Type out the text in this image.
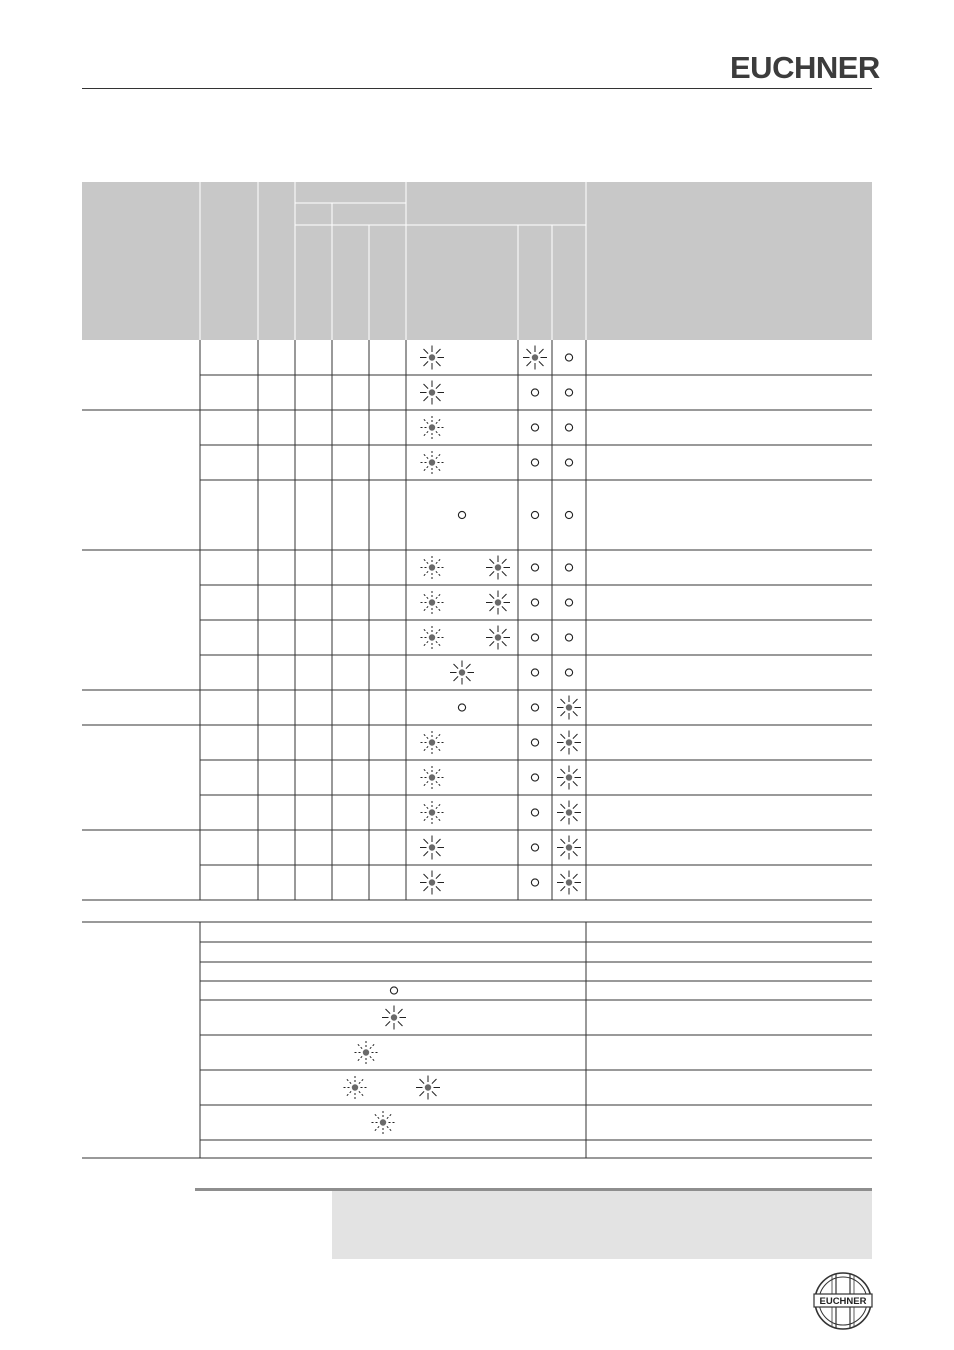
EUCHNER
EUCHNER
